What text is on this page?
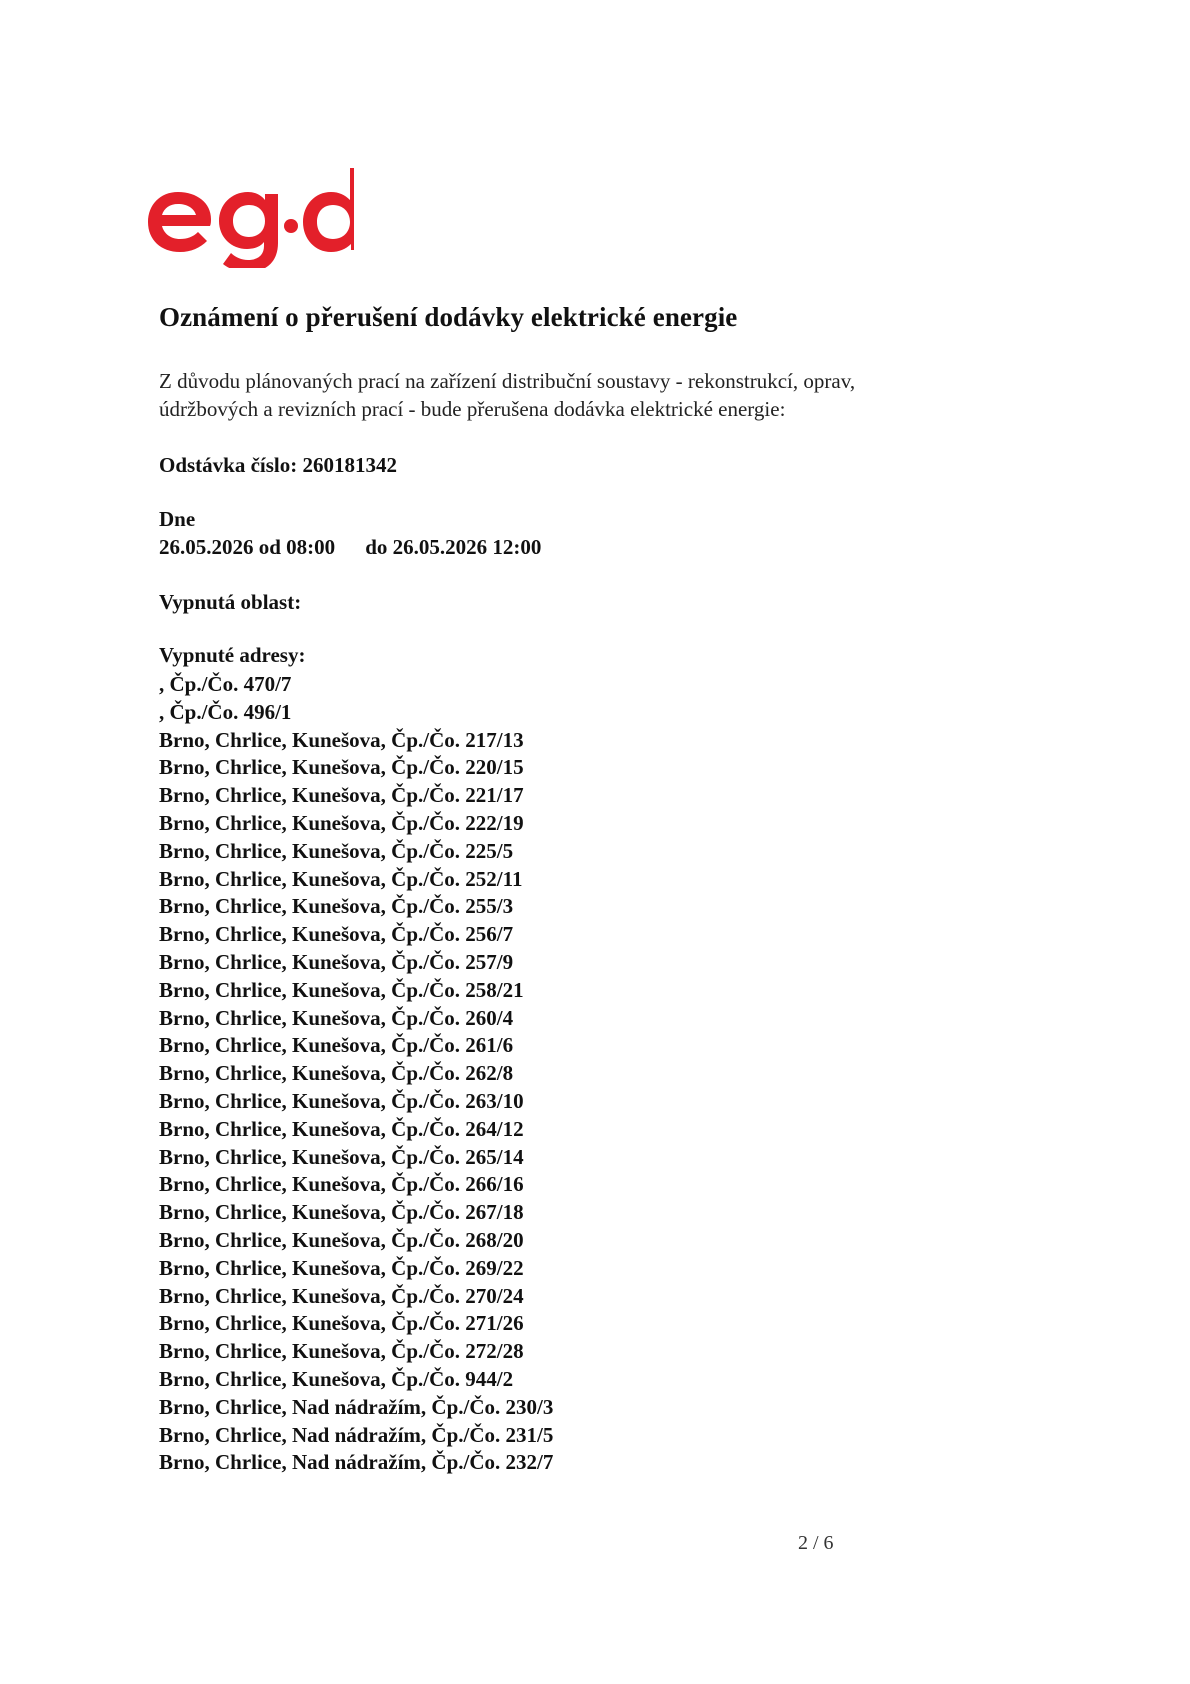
Oznámení o přerušení dodávky elektrické energie

Z důvodu plánovaných prací na zařízení distribuční soustavy - rekonstrukcí, oprav, údržbových a revizních prací - bude přerušena dodávka elektrické energie:

Odstávka číslo: 260181342

Dne

26.05.2026 od 08:00 do 26.05.2026 12:00

Vypnutá oblast:

Vypnuté adresy:

, Čp./Čo. 470/7
, Čp./Čo. 496/1
Brno, Chrlice, Kunešova, Čp./Čo. 217/13
Brno, Chrlice, Kunešova, Čp./Čo. 220/15
Brno, Chrlice, Kunešova, Čp./Čo. 221/17
Brno, Chrlice, Kunešova, Čp./Čo. 222/19
Brno, Chrlice, Kunešova, Čp./Čo. 225/5
Brno, Chrlice, Kunešova, Čp./Čo. 252/11
Brno, Chrlice, Kunešova, Čp./Čo. 255/3
Brno, Chrlice, Kunešova, Čp./Čo. 256/7
Brno, Chrlice, Kunešova, Čp./Čo. 257/9
Brno, Chrlice, Kunešova, Čp./Čo. 258/21
Brno, Chrlice, Kunešova, Čp./Čo. 260/4
Brno, Chrlice, Kunešova, Čp./Čo. 261/6
Brno, Chrlice, Kunešova, Čp./Čo. 262/8
Brno, Chrlice, Kunešova, Čp./Čo. 263/10
Brno, Chrlice, Kunešova, Čp./Čo. 264/12
Brno, Chrlice, Kunešova, Čp./Čo. 265/14
Brno, Chrlice, Kunešova, Čp./Čo. 266/16
Brno, Chrlice, Kunešova, Čp./Čo. 267/18
Brno, Chrlice, Kunešova, Čp./Čo. 268/20
Brno, Chrlice, Kunešova, Čp./Čo. 269/22
Brno, Chrlice, Kunešova, Čp./Čo. 270/24
Brno, Chrlice, Kunešova, Čp./Čo. 271/26
Brno, Chrlice, Kunešova, Čp./Čo. 272/28
Brno, Chrlice, Kunešova, Čp./Čo. 944/2
Brno, Chrlice, Nad nádražím, Čp./Čo. 230/3
Brno, Chrlice, Nad nádražím, Čp./Čo. 231/5
Brno, Chrlice, Nad nádražím, Čp./Čo. 232/7

2 / 6
